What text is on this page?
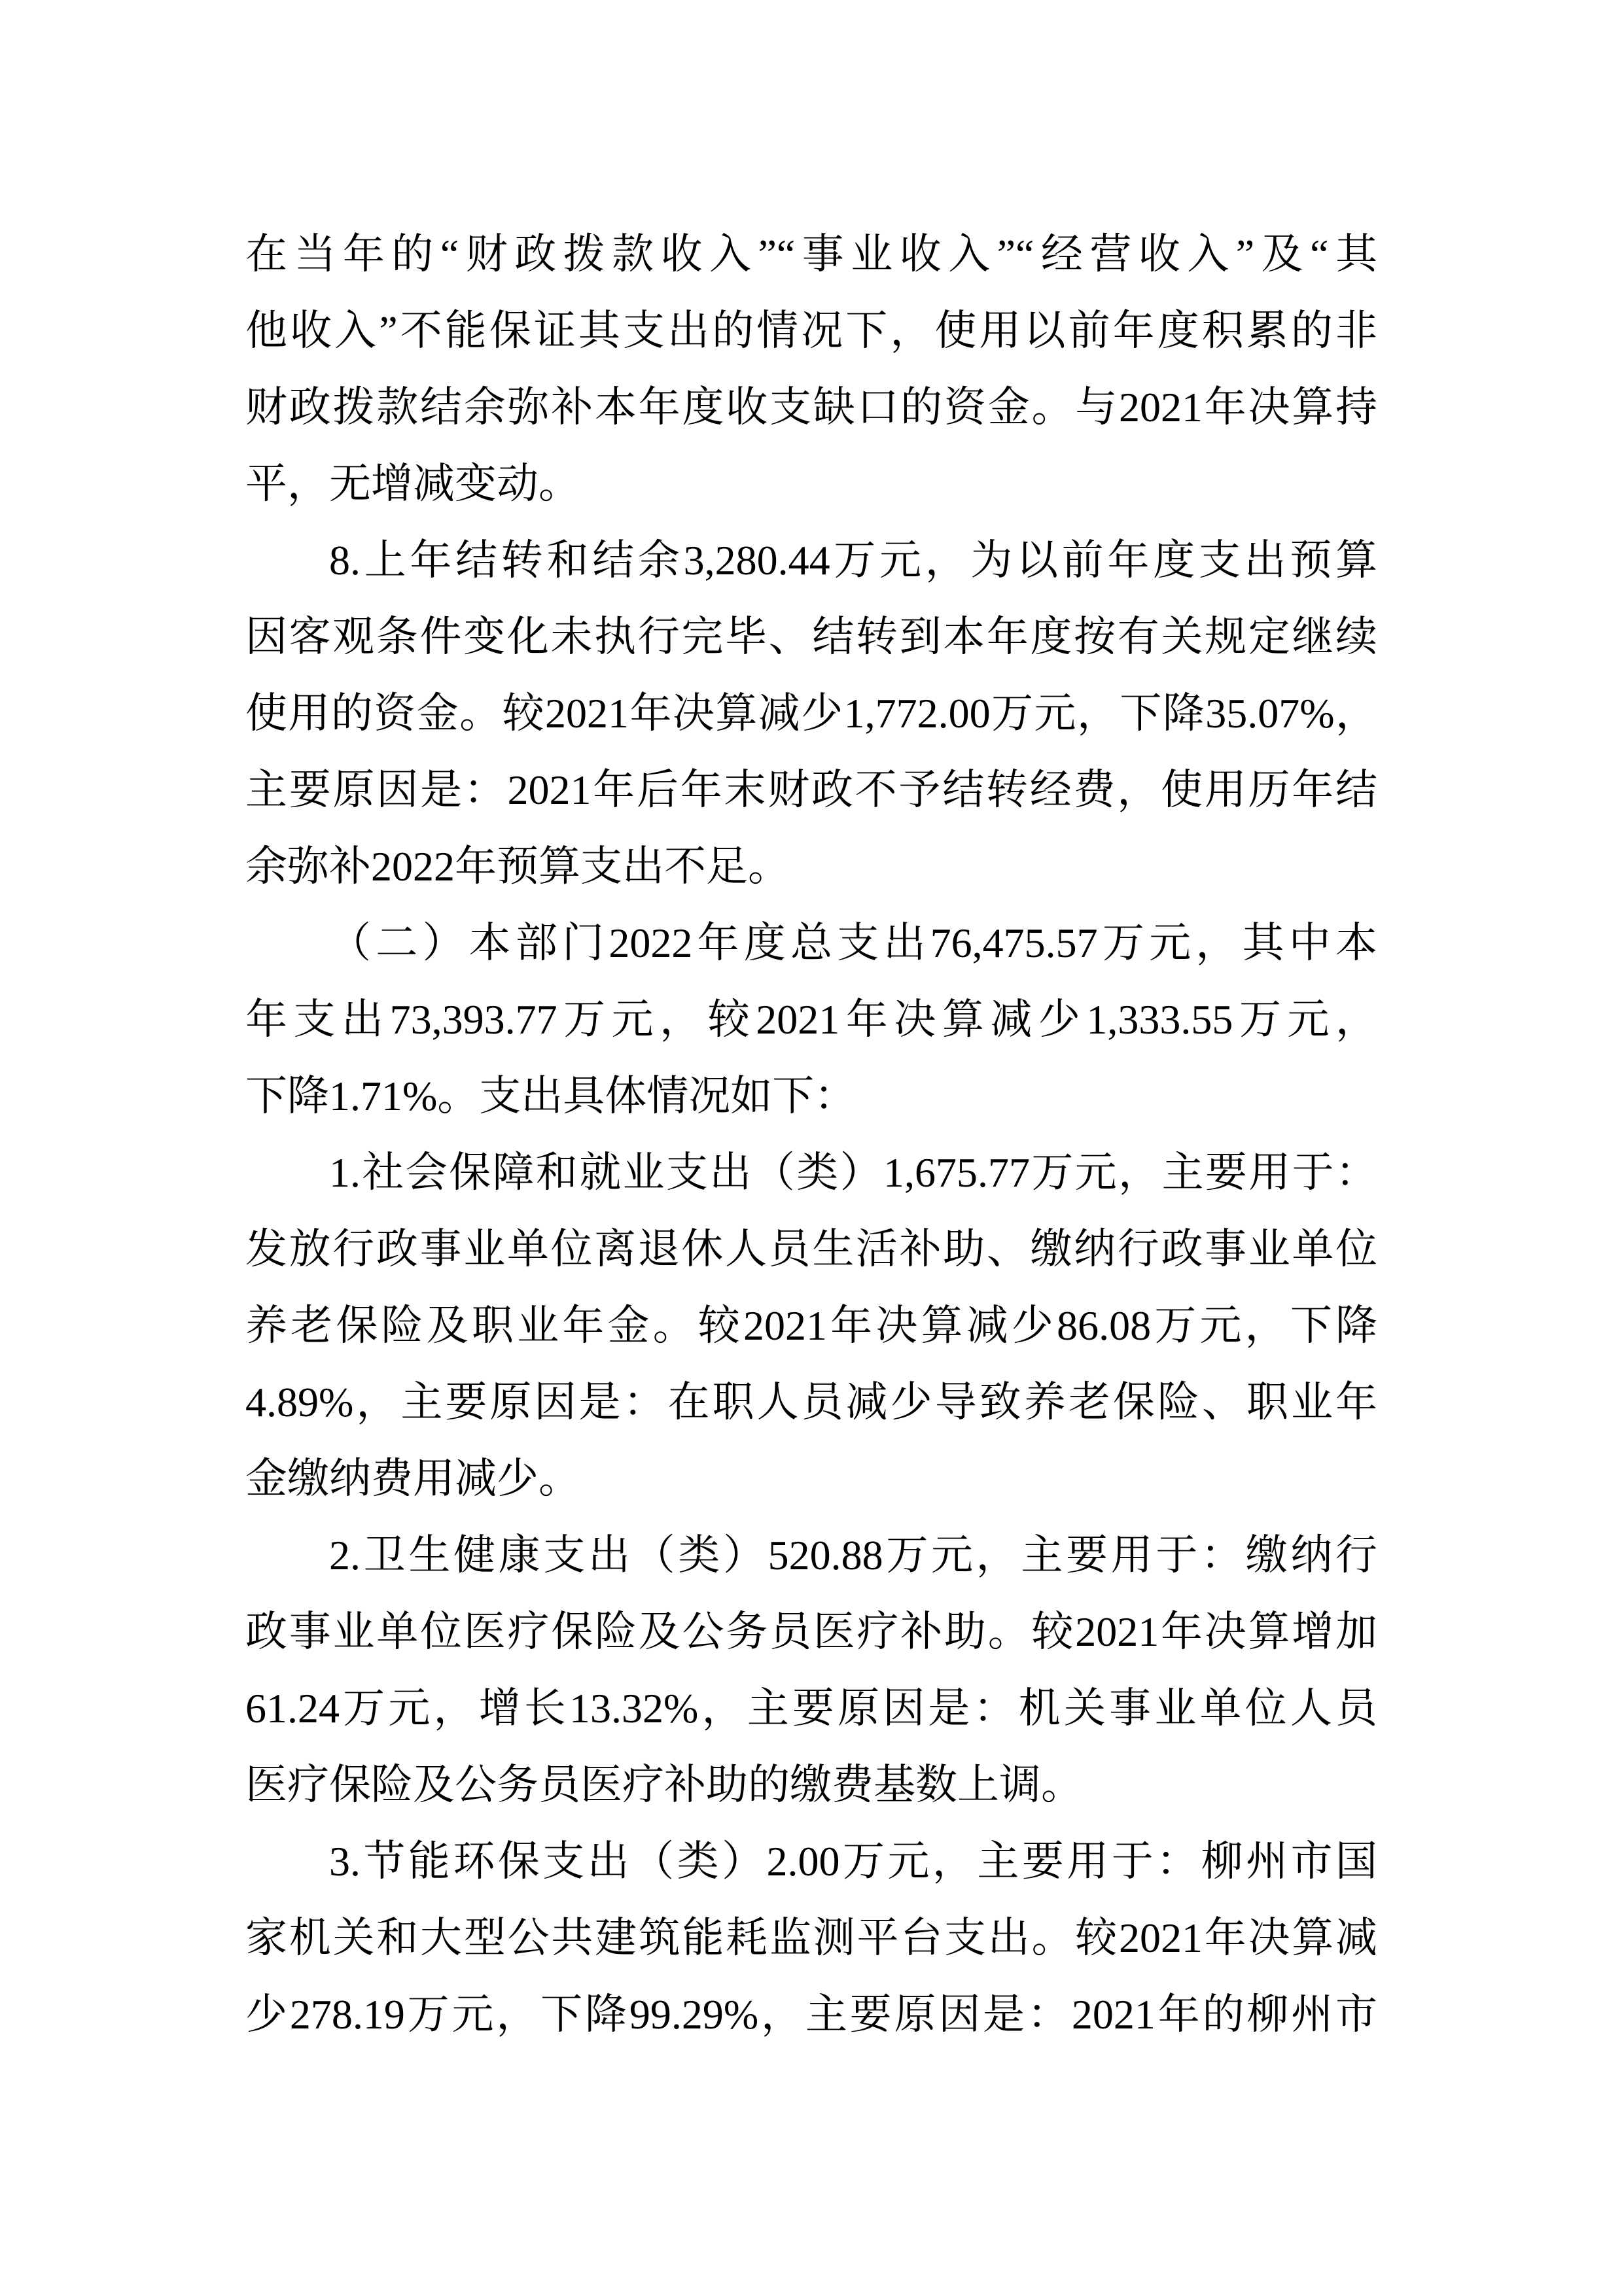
在当年的“财政拨款收入”“事业收入”“经营收入”及“其
他收入”不能保证其支出的情况下，使用以前年度积累的非
财政拨款结余弥补本年度收支缺口的资金。与2021年决算持
平，无增减变动。
8.上年结转和结余3,280.44万元，为以前年度支出预算
因客观条件变化未执行完毕、结转到本年度按有关规定继续
使用的资金。较2021年决算减少1,772.00万元，下降35.07%，
主要原因是：2021年后年末财政不予结转经费，使用历年结
余弥补2022年预算支出不足。
（二）本部门2022年度总支出76,475.57万元，其中本
年支出73,393.77万元，较2021年决算减少1,333.55万元，
下降1.71%。支出具体情况如下：
1.社会保障和就业支出（类）1,675.77万元，主要用于：
发放行政事业单位离退休人员生活补助、缴纳行政事业单位
养老保险及职业年金。较2021年决算减少86.08万元，下降
4.89%，主要原因是：在职人员减少导致养老保险、职业年
金缴纳费用减少。
2.卫生健康支出（类）520.88万元，主要用于：缴纳行
政事业单位医疗保险及公务员医疗补助。较2021年决算增加
61.24万元，增长13.32%，主要原因是：机关事业单位人员
医疗保险及公务员医疗补助的缴费基数上调。
3.节能环保支出（类）2.00万元，主要用于：柳州市国
家机关和大型公共建筑能耗监测平台支出。较2021年决算减
少278.19万元，下降99.29%，主要原因是：2021年的柳州市
